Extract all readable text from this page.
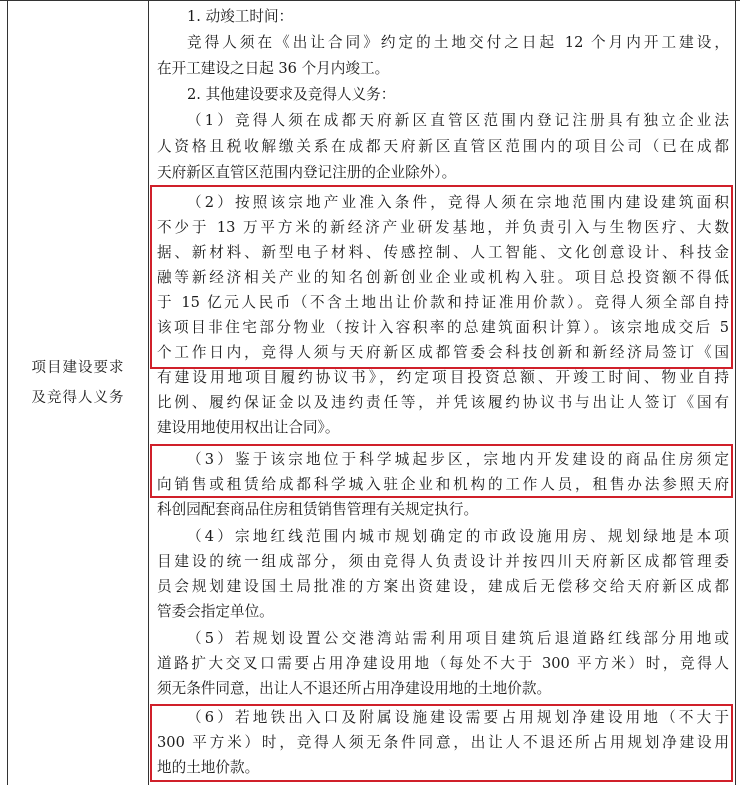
项目建设要求
及竞得人义务
1. 动竣工时间：
竞得人须在《出让合同》约定的土地交付之日起 12 个月内开工建设，
在开工建设之日起 36 个月内竣工。
2. 其他建设要求及竞得人义务：
（1）竞得人须在成都天府新区直管区范围内登记注册具有独立企业法
人资格且税收解缴关系在成都天府新区直管区范围内的项目公司（已在成都
天府新区直管区范围内登记注册的企业除外）。
（2）按照该宗地产业准入条件，竞得人须在宗地范围内建设建筑面积
不少于 13 万平方米的新经济产业研发基地，并负责引入与生物医疗、大数
据、新材料、新型电子材料、传感控制、人工智能、文化创意设计、科技金
融等新经济相关产业的知名创新创业企业或机构入驻。项目总投资额不得低
于 15 亿元人民币（不含土地出让价款和持证准用价款）。竞得人须全部自持
该项目非住宅部分物业（按计入容积率的总建筑面积计算）。该宗地成交后 5
个工作日内，竞得人须与天府新区成都管委会科技创新和新经济局签订《国
有建设用地项目履约协议书》，约定项目投资总额、开竣工时间、物业自持
比例、履约保证金以及违约责任等，并凭该履约协议书与出让人签订《国有
建设用地使用权出让合同》。
（3）鉴于该宗地位于科学城起步区，宗地内开发建设的商品住房须定
向销售或租赁给成都科学城入驻企业和机构的工作人员，租售办法参照天府
科创园配套商品住房租赁销售管理有关规定执行。
（4）宗地红线范围内城市规划确定的市政设施用房、规划绿地是本项
目建设的统一组成部分，须由竞得人负责设计并按四川天府新区成都管理委
员会规划建设国土局批准的方案出资建设，建成后无偿移交给天府新区成都
管委会指定单位。
（5）若规划设置公交港湾站需利用项目建筑后退道路红线部分用地或
道路扩大交叉口需要占用净建设用地（每处不大于 300 平方米）时，竞得人
须无条件同意，出让人不退还所占用净建设用地的土地价款。
（6）若地铁出入口及附属设施建设需要占用规划净建设用地（不大于
300 平方米）时，竞得人须无条件同意，出让人不退还所占用规划净建设用
地的土地价款。
